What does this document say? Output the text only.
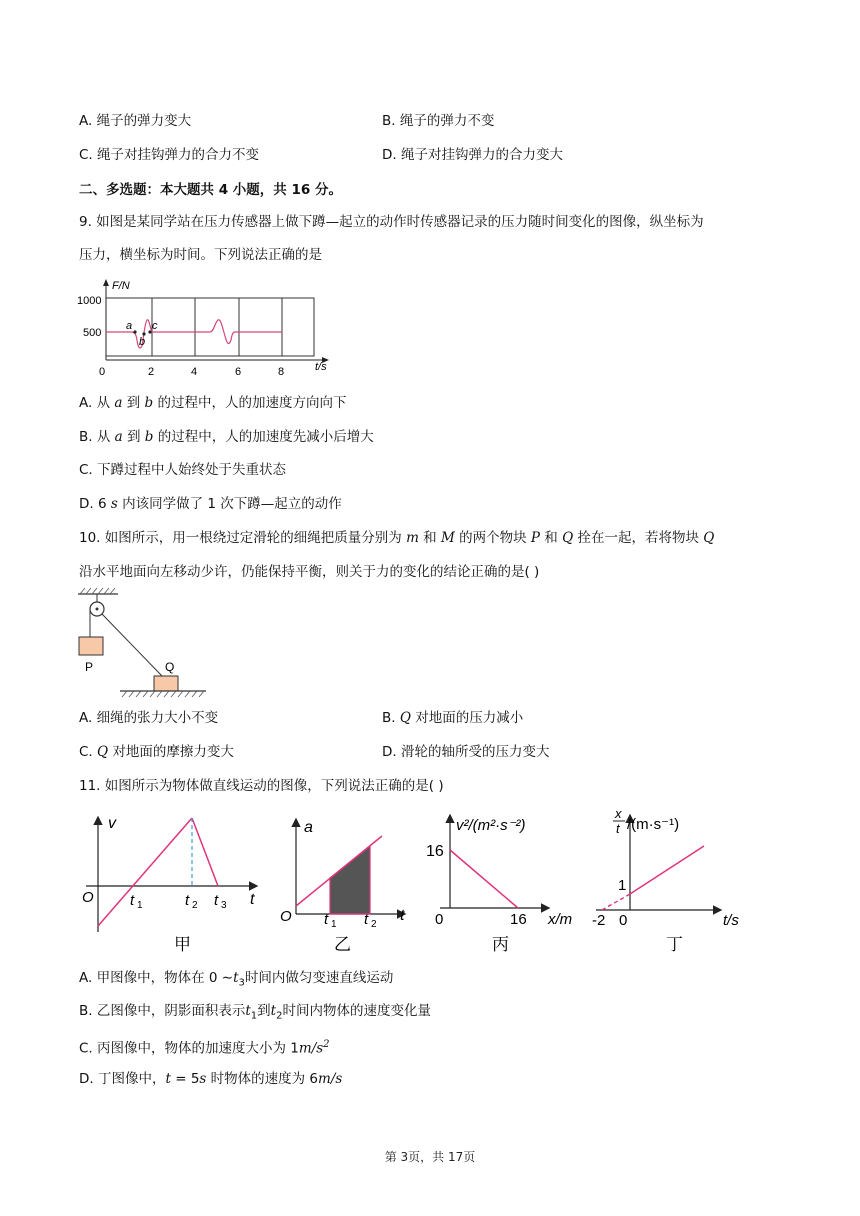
A. 绳子的弹力变大	B. 绳子的弹力不变
C. 绳子对挂钩弹力的合力不变	D. 绳子对挂钩弹力的合力变大
二、多选题：本大题共 4 小题，共 16 分。
9. 如图是某同学站在压力传感器上做下蹲—起立的动作时传感器记录的压力随时间变化的图像，纵坐标为
压力，横坐标为时间。下列说法正确的是
F/N
1000
500
0	2	4	6	8	t/s
a
b
c
A. 从 a 到 b 的过程中，人的加速度方向向下
B. 从 a 到 b 的过程中，人的加速度先减小后增大
C. 下蹲过程中人始终处于失重状态
D. 6 s 内该同学做了 1 次下蹲—起立的动作
10. 如图所示，用一根绕过定滑轮的细绳把质量分别为 m 和 M 的两个物块 P 和 Q 拴在一起，若将物块 Q
沿水平地面向左移动少许，仍能保持平衡，则关于力的变化的结论正确的是( )
P	Q
A. 细绳的张力大小不变	B. Q 对地面的压力减小
C. Q 对地面的摩擦力变大	D. 滑轮的轴所受的压力变大
11. 如图所示为物体做直线运动的图像，下列说法正确的是( )
v
O t 1	t 2 t 3 t
甲
a
O t 1 t 2
t
乙
v²/(m²·s⁻²)
16
0	16 x/m
丙
x
t /(m·s⁻¹)
1
-2 0	t/s
丁
A. 甲图像中，物体在 0 $\sim t_3$时间内做匀变速直线运动
B. 乙图像中，阴影面积表示$t_1$到$t_2$时间内物体的速度变化量
C. 丙图像中，物体的加速度大小为 $1m/s^2$
D. 丁图像中，t = 5s 时物体的速度为 6m/s
第 3页，共 17页
